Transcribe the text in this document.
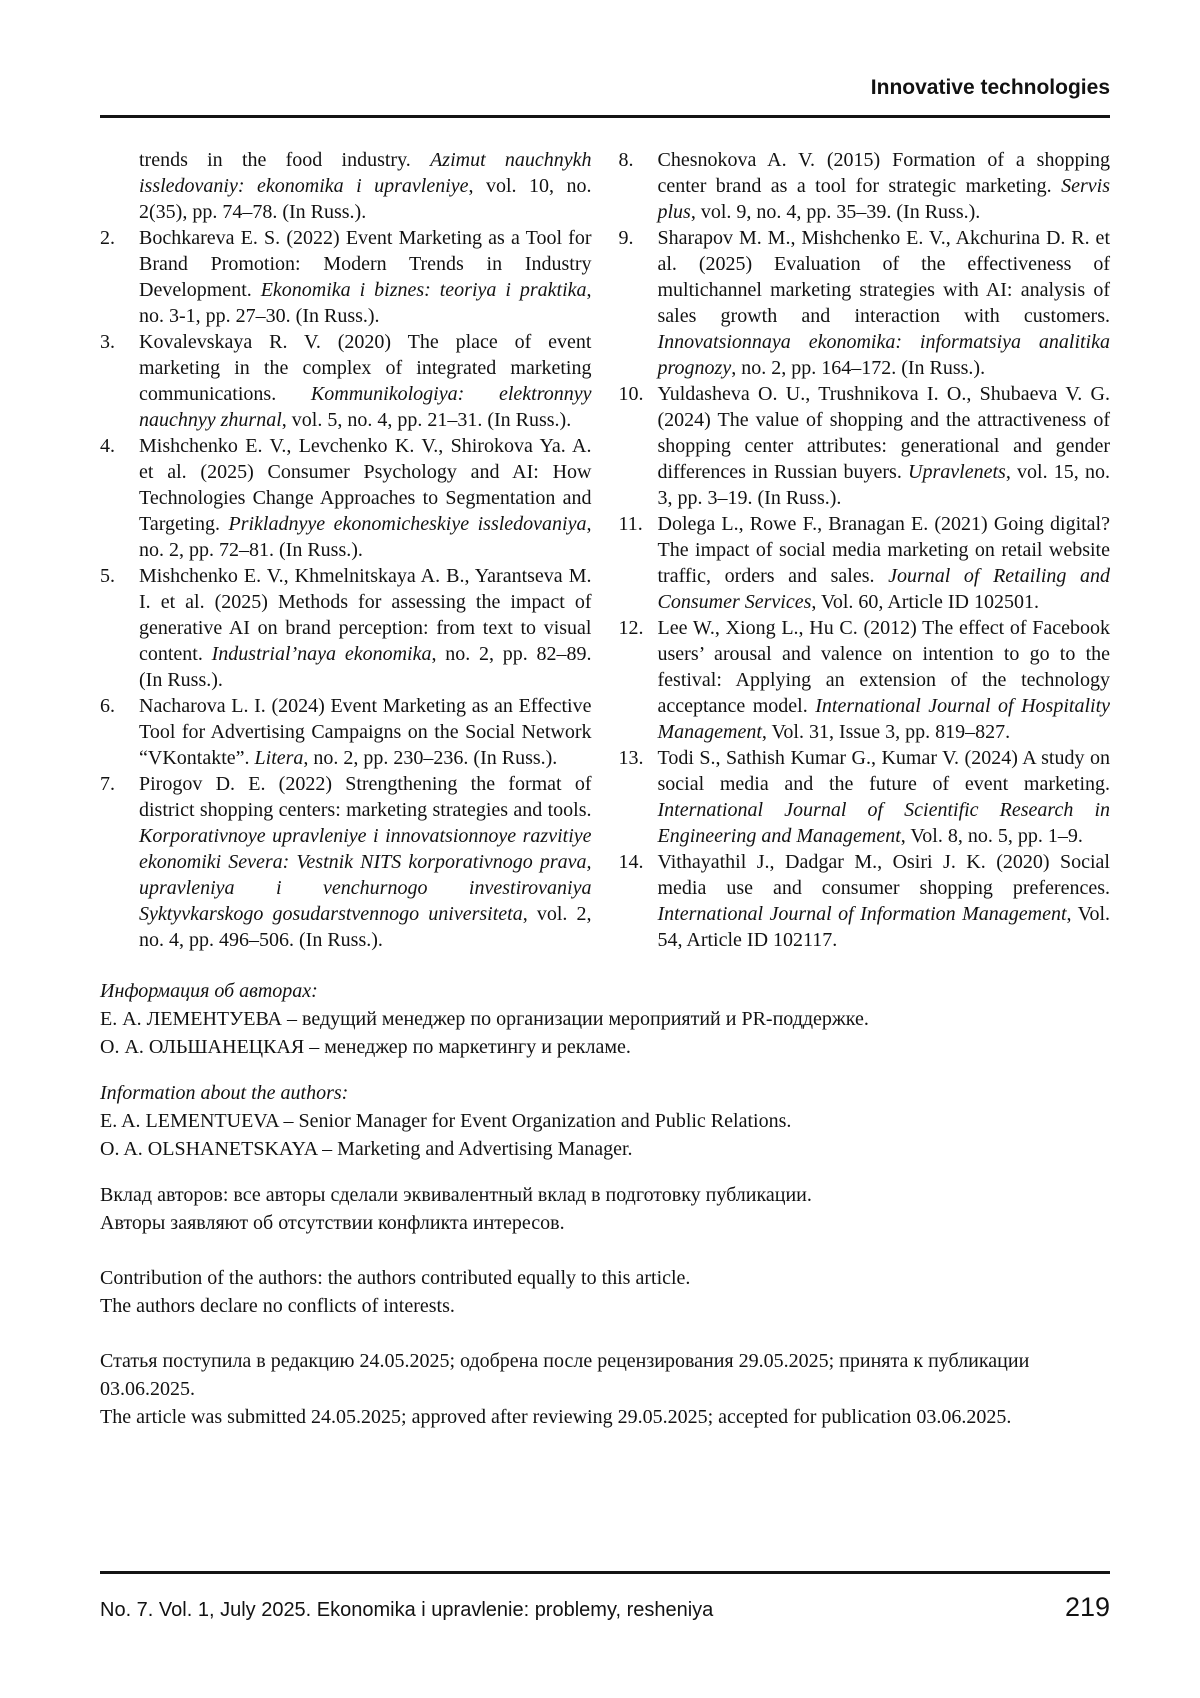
Innovative technologies
trends in the food industry. Azimut nauchnykh issledovaniy: ekonomika i upravleniye, vol. 10, no. 2(35), pp. 74–78. (In Russ.).
2. Bochkareva E. S. (2022) Event Marketing as a Tool for Brand Promotion: Modern Trends in Industry Development. Ekonomika i biznes: teoriya i praktika, no. 3-1, pp. 27–30. (In Russ.).
3. Kovalevskaya R. V. (2020) The place of event marketing in the complex of integrated marketing communications. Kommunikologiya: elektronnyy nauchnyy zhurnal, vol. 5, no. 4, pp. 21–31. (In Russ.).
4. Mishchenko E. V., Levchenko K. V., Shirokova Ya. A. et al. (2025) Consumer Psychology and AI: How Technologies Change Approaches to Segmentation and Targeting. Prikladnyye ekonomicheskiye issledovaniya, no. 2, pp. 72–81. (In Russ.).
5. Mishchenko E. V., Khmelnitskaya A. B., Yarantseva M. I. et al. (2025) Methods for assessing the impact of generative AI on brand perception: from text to visual content. Industrial’naya ekonomika, no. 2, pp. 82–89. (In Russ.).
6. Nacharova L. I. (2024) Event Marketing as an Effective Tool for Advertising Campaigns on the Social Network “VKontakte”. Litera, no. 2, pp. 230–236. (In Russ.).
7. Pirogov D. E. (2022) Strengthening the format of district shopping centers: marketing strategies and tools. Korporativnoye upravleniye i innovatsionnoye razvitiye ekonomiki Severa: Vestnik NITS korporativnogo prava, upravleniya i venchurnogo investirovaniya Syktyvkarskogo gosudarstvennogo universiteta, vol. 2, no. 4, pp. 496–506. (In Russ.).
8. Chesnokova A. V. (2015) Formation of a shopping center brand as a tool for strategic marketing. Servis plus, vol. 9, no. 4, pp. 35–39. (In Russ.).
9. Sharapov M. M., Mishchenko E. V., Akchurina D. R. et al. (2025) Evaluation of the effectiveness of multichannel marketing strategies with AI: analysis of sales growth and interaction with customers. Innovatsionnaya ekonomika: informatsiya analitika prognozy, no. 2, pp. 164–172. (In Russ.).
10. Yuldasheva O. U., Trushnikova I. O., Shubaeva V. G. (2024) The value of shopping and the attractiveness of shopping center attributes: generational and gender differences in Russian buyers. Upravlenets, vol. 15, no. 3, pp. 3–19. (In Russ.).
11. Dolega L., Rowe F., Branagan E. (2021) Going digital? The impact of social media marketing on retail website traffic, orders and sales. Journal of Retailing and Consumer Services, Vol. 60, Article ID 102501.
12. Lee W., Xiong L., Hu C. (2012) The effect of Facebook users’ arousal and valence on intention to go to the festival: Applying an extension of the technology acceptance model. International Journal of Hospitality Management, Vol. 31, Issue 3, pp. 819–827.
13. Todi S., Sathish Kumar G., Kumar V. (2024) A study on social media and the future of event marketing. International Journal of Scientific Research in Engineering and Management, Vol. 8, no. 5, pp. 1–9.
14. Vithayathil J., Dadgar M., Osiri J. K. (2020) Social media use and consumer shopping preferences. International Journal of Information Management, Vol. 54, Article ID 102117.
Информация об авторах:
Е. А. ЛЕМЕНТУЕВА – ведущий менеджер по организации мероприятий и PR-поддержке.
О. А. ОЛЬШАНЕЦКАЯ – менеджер по маркетингу и рекламе.
Information about the authors:
E. A. LEMENTUEVA – Senior Manager for Event Organization and Public Relations.
O. A. OLSHANETSKAYA – Marketing and Advertising Manager.
Вклад авторов: все авторы сделали эквивалентный вклад в подготовку публикации.
Авторы заявляют об отсутствии конфликта интересов.
Contribution of the authors: the authors contributed equally to this article.
The authors declare no conflicts of interests.
Статья поступила в редакцию 24.05.2025; одобрена после рецензирования 29.05.2025; принята к публикации 03.06.2025.
The article was submitted 24.05.2025; approved after reviewing 29.05.2025; accepted for publication 03.06.2025.
No. 7. Vol. 1, July 2025. Ekonomika i upravlenie: problemy, resheniya	219
